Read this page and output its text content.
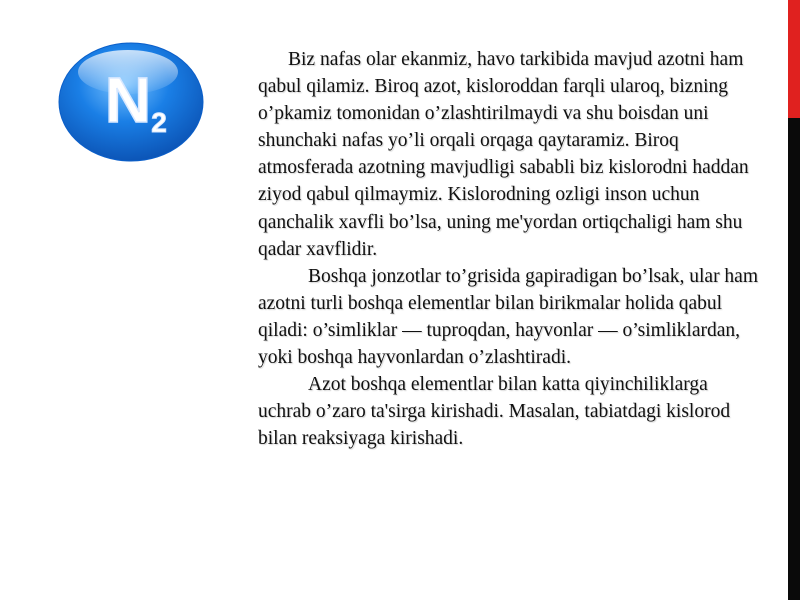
N 2

Biz nafas olar ekanmiz, havo tarkibida mavjud azotni ham qabul qilamiz. Biroq azot, kisloroddan farqli ularoq, bizning o’pkamiz tomonidan o’zlashtirilmaydi va shu boisdan uni shunchaki nafas yo’li orqali orqaga qaytaramiz. Biroq atmosferada azotning mavjudligi sababli biz kislorodni haddan ziyod qabul qilmaymiz. Kislorodning ozligi inson uchun qanchalik xavfli bo’lsa, uning me'yordan ortiqchaligi ham shu qadar xavflidir.

Boshqa jonzotlar to’grisida gapiradigan bo’lsak, ular ham azotni turli boshqa elementlar bilan birikmalar holida qabul qiladi: o’simliklar — tuproqdan, hayvonlar — o’simliklardan, yoki boshqa hayvonlardan o’zlashtiradi.

Azot boshqa elementlar bilan katta qiyinchiliklarga uchrab o’zaro ta'sirga kirishadi. Masalan, tabiatdagi kislorod bilan reaksiyaga kirishadi.
